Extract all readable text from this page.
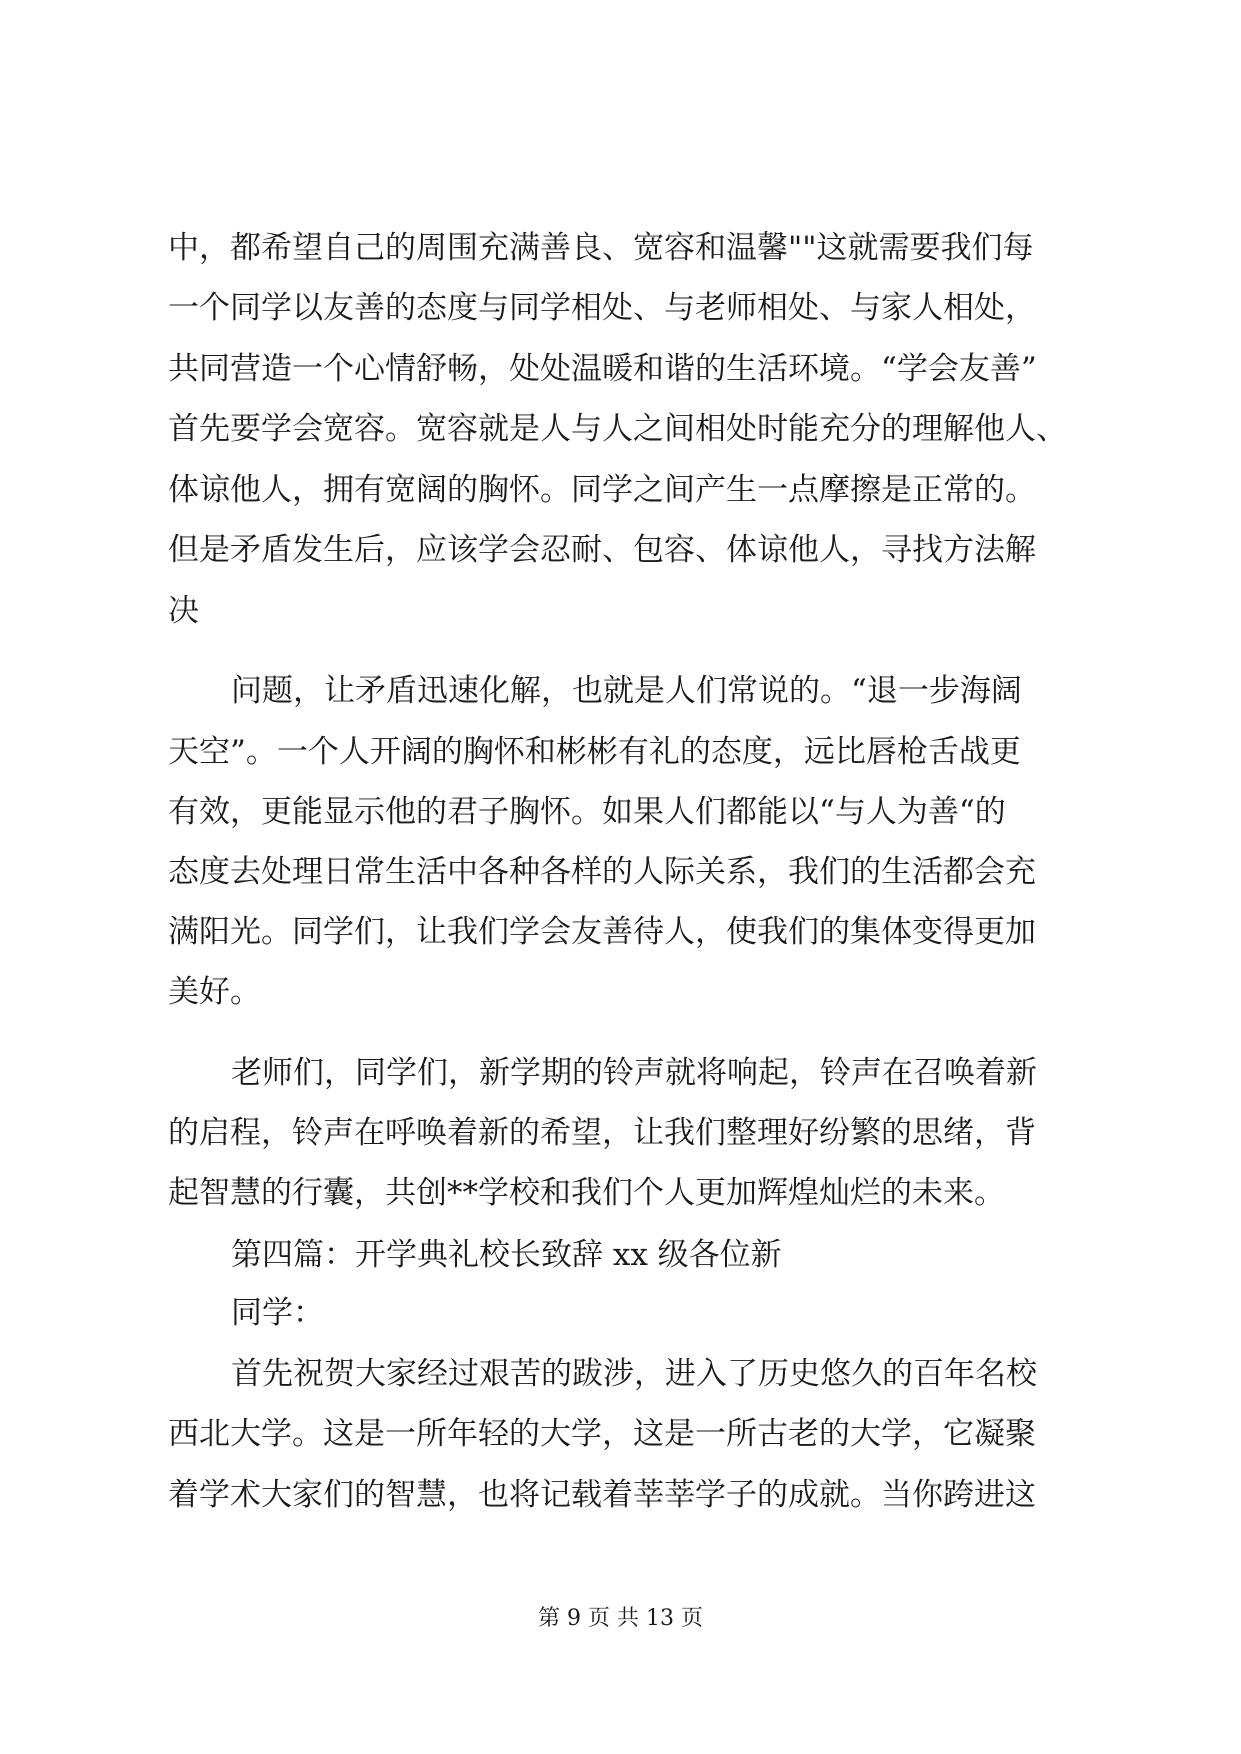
中，都希望自己的周围充满善良、宽容和温馨""这就需要我们每
一个同学以友善的态度与同学相处、与老师相处、与家人相处，
共同营造一个心情舒畅，处处温暖和谐的生活环境。“学会友善”
首先要学会宽容。宽容就是人与人之间相处时能充分的理解他人、
体谅他人，拥有宽阔的胸怀。同学之间产生一点摩擦是正常的。
但是矛盾发生后，应该学会忍耐、包容、体谅他人，寻找方法解
决
问题，让矛盾迅速化解，也就是人们常说的。“退一步海阔
天空”。一个人开阔的胸怀和彬彬有礼的态度，远比唇枪舌战更
有效，更能显示他的君子胸怀。如果人们都能以“与人为善“的
态度去处理日常生活中各种各样的人际关系，我们的生活都会充
满阳光。同学们，让我们学会友善待人，使我们的集体变得更加
美好。
老师们，同学们，新学期的铃声就将响起，铃声在召唤着新
的启程，铃声在呼唤着新的希望，让我们整理好纷繁的思绪，背
起智慧的行囊，共创**学校和我们个人更加辉煌灿烂的未来。
第四篇：开学典礼校长致辞 xx 级各位新
同学：
首先祝贺大家经过艰苦的跋涉，进入了历史悠久的百年名校
西北大学。这是一所年轻的大学，这是一所古老的大学，它凝聚
着学术大家们的智慧，也将记载着莘莘学子的成就。当你跨进这
第 9 页 共 13 页
